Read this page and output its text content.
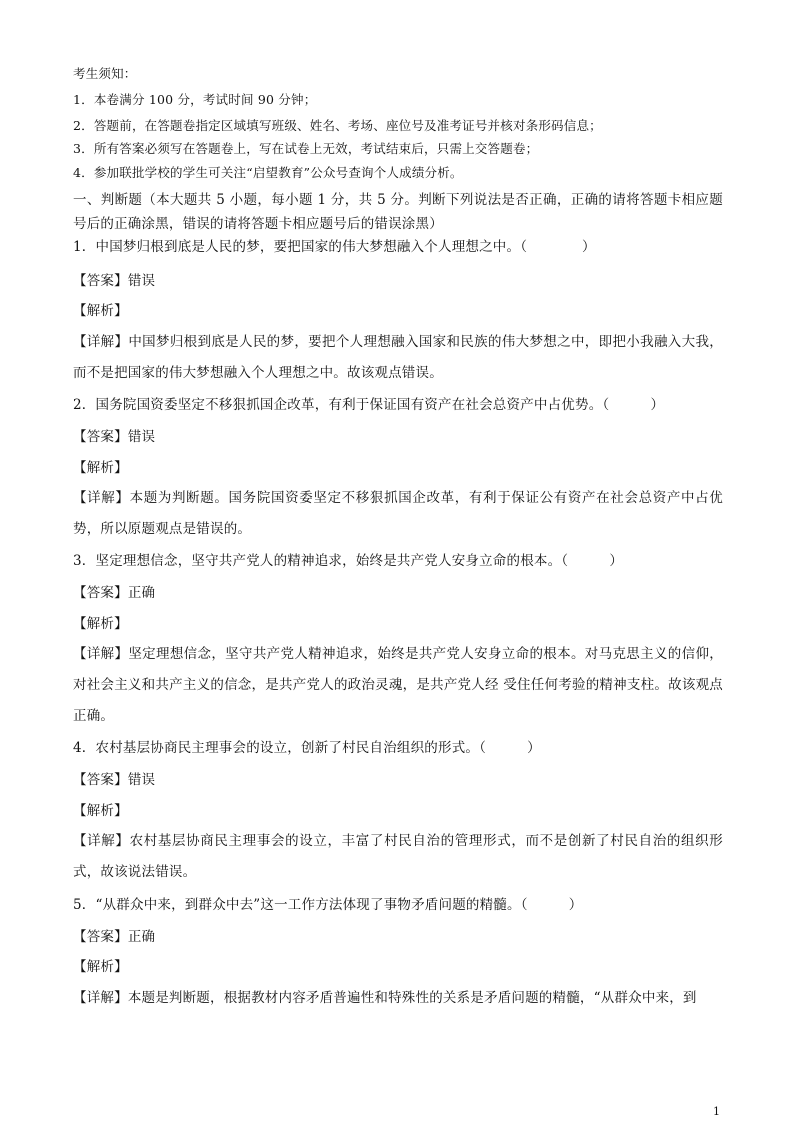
考生须知：
1．本卷满分 100 分，考试时间 90 分钟；
2．答题前，在答题卷指定区域填写班级、姓名、考场、座位号及准考证号并核对条形码信息；
3．所有答案必须写在答题卷上，写在试卷上无效，考试结束后，只需上交答题卷；
4．参加联批学校的学生可关注“启望教育”公众号查询个人成绩分析。
一、判断题（本大题共 5 小题，每小题 1 分，共 5 分。判断下列说法是否正确，正确的请将答题卡相应题号后的正确涂黑，错误的请将答题卡相应题号后的错误涂黑）
1．中国梦归根到底是人民的梦，要把国家的伟大梦想融入个人理想之中。（　　　　）
【答案】错误
【解析】
【详解】中国梦归根到底是人民的梦，要把个人理想融入国家和民族的伟大梦想之中，即把小我融入大我，而不是把国家的伟大梦想融入个人理想之中。故该观点错误。
2．国务院国资委坚定不移狠抓国企改革，有利于保证国有资产在社会总资产中占优势。（　　　）
【答案】错误
【解析】
【详解】本题为判断题。国务院国资委坚定不移狠抓国企改革，有利于保证公有资产在社会总资产中占优势，所以原题观点是错误的。
3．坚定理想信念，坚守共产党人的精神追求，始终是共产党人安身立命的根本。（　　　）
【答案】正确
【解析】
【详解】坚定理想信念，坚守共产党人精神追求，始终是共产党人安身立命的根本。对马克思主义的信仰，对社会主义和共产主义的信念，是共产党人的政治灵魂，是共产党人经 受住任何考验的精神支柱。故该观点正确。
4．农村基层协商民主理事会的设立，创新了村民自治组织的形式。（　　　）
【答案】错误
【解析】
【详解】农村基层协商民主理事会的设立，丰富了村民自治的管理形式，而不是创新了村民自治的组织形式，故该说法错误。
5．“从群众中来，到群众中去”这一工作方法体现了事物矛盾问题的精髓。（　　　）
【答案】正确
【解析】
【详解】本题是判断题，根据教材内容矛盾普遍性和特殊性的关系是矛盾问题的精髓，“从群众中来，到
1
